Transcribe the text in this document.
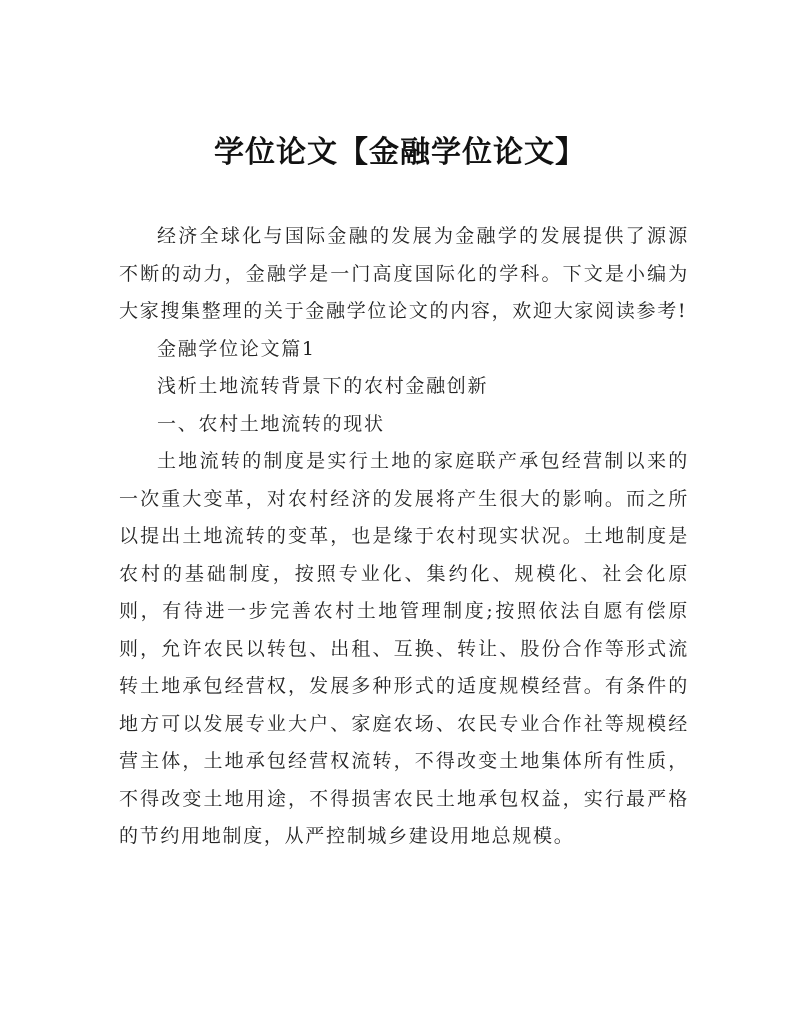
学位论文【金融学位论文】

经济全球化与国际金融的发展为金融学的发展提供了源源不断的动力，金融学是一门高度国际化的学科。下文是小编为大家搜集整理的关于金融学位论文的内容，欢迎大家阅读参考!

金融学位论文篇1

浅析土地流转背景下的农村金融创新

一、农村土地流转的现状

土地流转的制度是实行土地的家庭联产承包经营制以来的一次重大变革，对农村经济的发展将产生很大的影响。而之所以提出土地流转的变革，也是缘于农村现实状况。土地制度是农村的基础制度，按照专业化、集约化、规模化、社会化原则，有待进一步完善农村土地管理制度;按照依法自愿有偿原则，允许农民以转包、出租、互换、转让、股份合作等形式流转土地承包经营权，发展多种形式的适度规模经营。有条件的地方可以发展专业大户、家庭农场、农民专业合作社等规模经营主体，土地承包经营权流转，不得改变土地集体所有性质，不得改变土地用途，不得损害农民土地承包权益，实行最严格的节约用地制度，从严控制城乡建设用地总规模。
